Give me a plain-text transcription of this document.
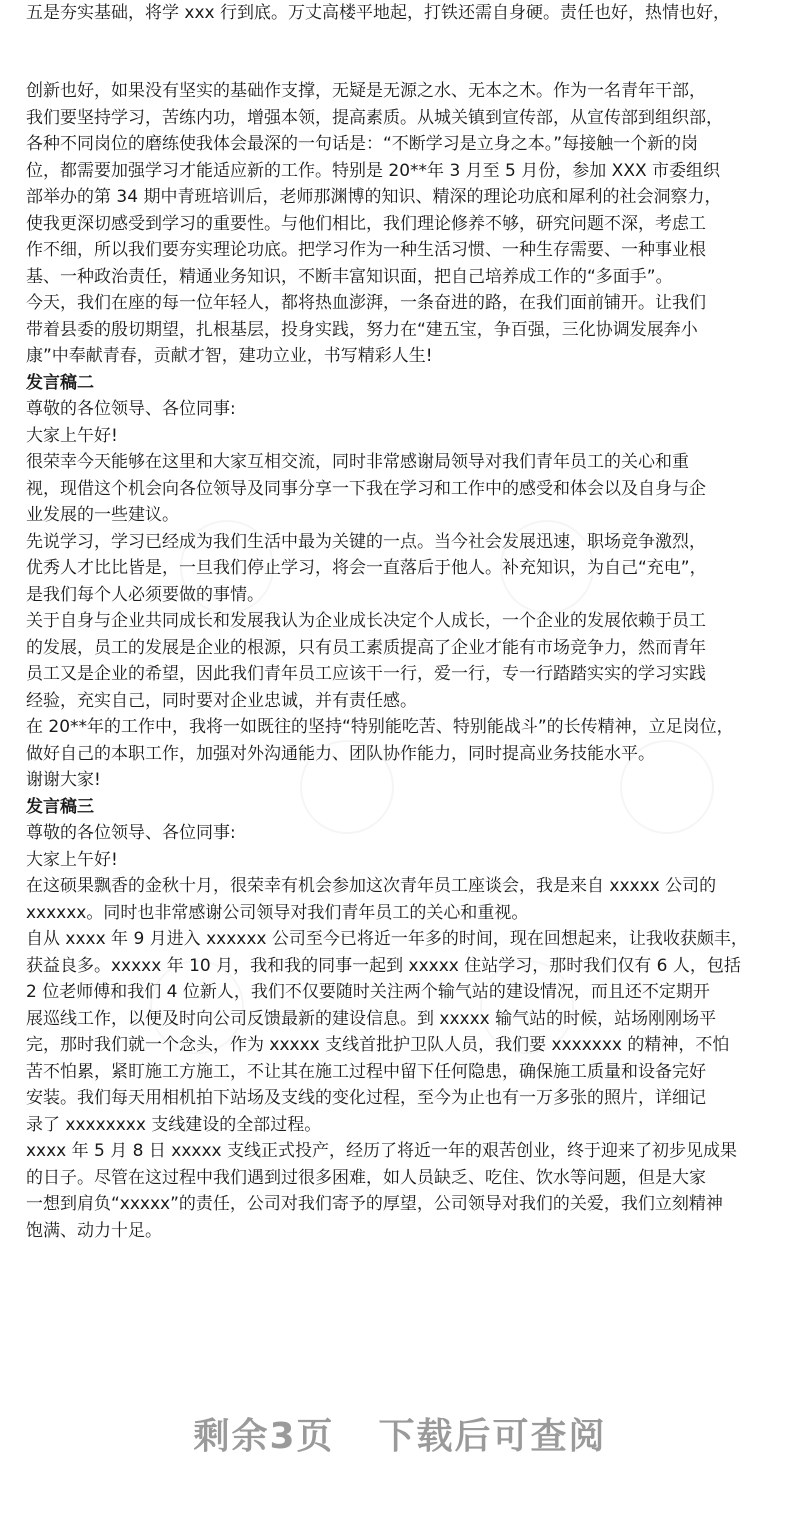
五是夯实基础，将学 xxx 行到底。万丈高楼平地起，打铁还需自身硬。责任也好，热情也好，
创新也好，如果没有坚实的基础作支撑，无疑是无源之水、无本之木。作为一名青年干部，
我们要坚持学习，苦练内功，增强本领，提高素质。从城关镇到宣传部，从宣传部到组织部，
各种不同岗位的磨练使我体会最深的一句话是：“不断学习是立身之本。”每接触一个新的岗
位，都需要加强学习才能适应新的工作。特别是 20**年 3 月至 5 月份，参加 XXX 市委组织
部举办的第 34 期中青班培训后，老师那渊博的知识、精深的理论功底和犀利的社会洞察力，
使我更深切感受到学习的重要性。与他们相比，我们理论修养不够，研究问题不深，考虑工
作不细，所以我们要夯实理论功底。把学习作为一种生活习惯、一种生存需要、一种事业根
基、一种政治责任，精通业务知识，不断丰富知识面，把自己培养成工作的“多面手”。
今天，我们在座的每一位年轻人，都将热血澎湃，一条奋进的路，在我们面前铺开。让我们
带着县委的殷切期望，扎根基层，投身实践，努力在“建五宝，争百强，三化协调发展奔小
康”中奉献青春，贡献才智，建功立业，书写精彩人生!
发言稿二
尊敬的各位领导、各位同事:
大家上午好!
很荣幸今天能够在这里和大家互相交流，同时非常感谢局领导对我们青年员工的关心和重
视，现借这个机会向各位领导及同事分享一下我在学习和工作中的感受和体会以及自身与企
业发展的一些建议。
先说学习，学习已经成为我们生活中最为关键的一点。当今社会发展迅速，职场竞争激烈，
优秀人才比比皆是，一旦我们停止学习，将会一直落后于他人。补充知识，为自己“充电”，
是我们每个人必须要做的事情。
关于自身与企业共同成长和发展我认为企业成长决定个人成长，一个企业的发展依赖于员工
的发展，员工的发展是企业的根源，只有员工素质提高了企业才能有市场竞争力，然而青年
员工又是企业的希望，因此我们青年员工应该干一行，爱一行，专一行踏踏实实的学习实践
经验，充实自己，同时要对企业忠诚，并有责任感。
在 20**年的工作中，我将一如既往的坚持“特别能吃苦、特别能战斗”的长传精神，立足岗位，
做好自己的本职工作，加强对外沟通能力、团队协作能力，同时提高业务技能水平。
谢谢大家!
发言稿三
尊敬的各位领导、各位同事:
大家上午好!
在这硕果飘香的金秋十月，很荣幸有机会参加这次青年员工座谈会，我是来自 xxxxx 公司的
xxxxxx。同时也非常感谢公司领导对我们青年员工的关心和重视。
自从 xxxx 年 9 月进入 xxxxxx 公司至今已将近一年多的时间，现在回想起来，让我收获颇丰，
获益良多。xxxxx 年 10 月，我和我的同事一起到 xxxxx 住站学习，那时我们仅有 6 人，包括
2 位老师傅和我们 4 位新人，我们不仅要随时关注两个输气站的建设情况，而且还不定期开
展巡线工作，以便及时向公司反馈最新的建设信息。到 xxxxx 输气站的时候，站场刚刚场平
完，那时我们就一个念头，作为 xxxxx 支线首批护卫队人员，我们要 xxxxxxx 的精神，不怕
苦不怕累，紧盯施工方施工，不让其在施工过程中留下任何隐患，确保施工质量和设备完好
安装。我们每天用相机拍下站场及支线的变化过程，至今为止也有一万多张的照片，详细记
录了 xxxxxxxx 支线建设的全部过程。
xxxx 年 5 月 8 日 xxxxx 支线正式投产，经历了将近一年的艰苦创业，终于迎来了初步见成果
的日子。尽管在这过程中我们遇到过很多困难，如人员缺乏、吃住、饮水等问题，但是大家
一想到肩负“xxxxx”的责任，公司对我们寄予的厚望，公司领导对我们的关爱，我们立刻精神
饱满、动力十足。
剩余3页 下载后可查阅
